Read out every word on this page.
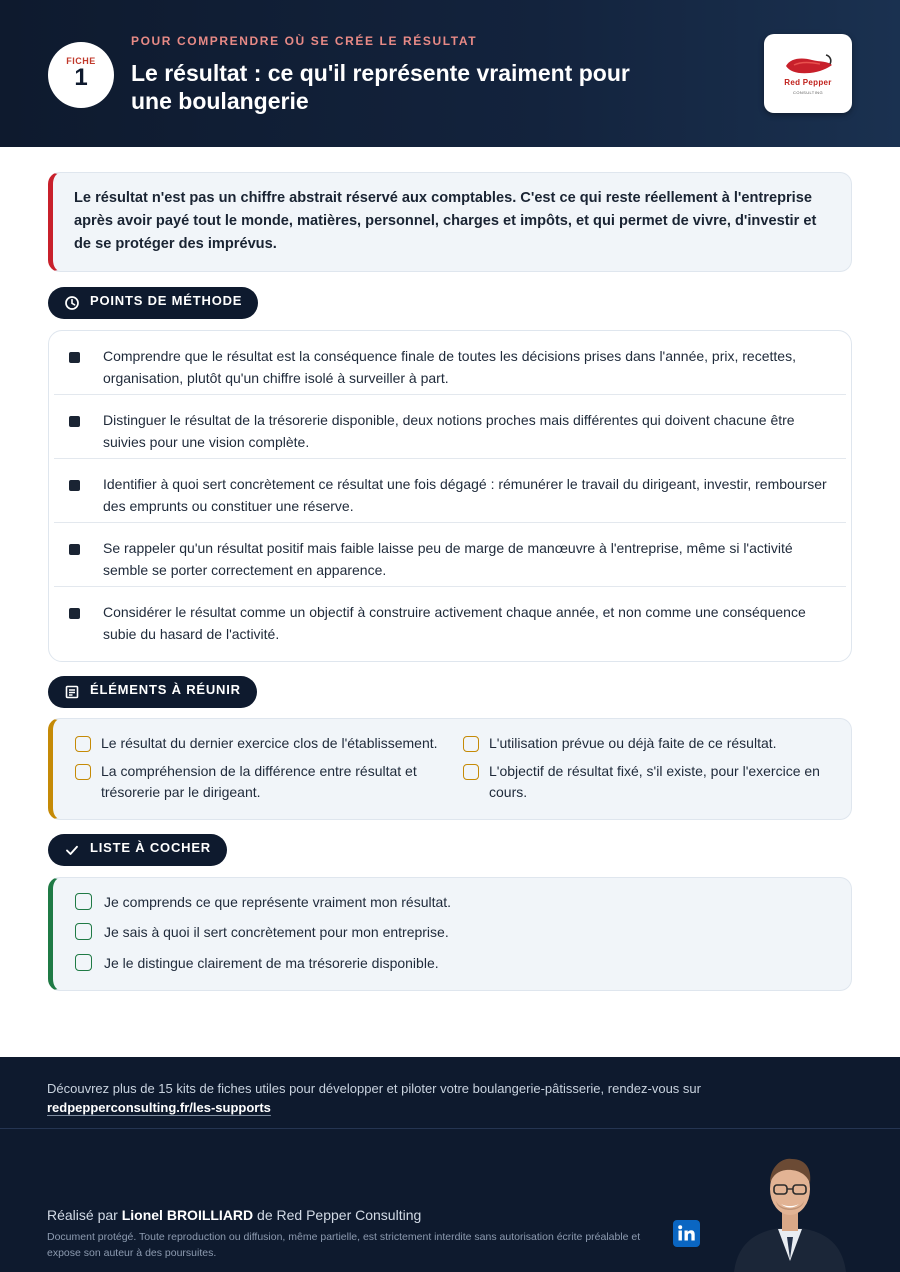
FICHE
1
POUR COMPRENDRE OÙ SE CRÉE LE RÉSULTAT
Le résultat : ce qu'il représente vraiment pour une boulangerie
Red Pepper
CONSULTING

Le résultat n'est pas un chiffre abstrait réservé aux comptables. C'est ce qui reste réellement à l'entreprise après avoir payé tout le monde, matières, personnel, charges et impôts, et qui permet de vivre, d'investir et de se protéger des imprévus.

POINTS DE MÉTHODE
Comprendre que le résultat est la conséquence finale de toutes les décisions prises dans l'année, prix, recettes, organisation, plutôt qu'un chiffre isolé à surveiller à part.
Distinguer le résultat de la trésorerie disponible, deux notions proches mais différentes qui doivent chacune être suivies pour une vision complète.
Identifier à quoi sert concrètement ce résultat une fois dégagé : rémunérer le travail du dirigeant, investir, rembourser des emprunts ou constituer une réserve.
Se rappeler qu'un résultat positif mais faible laisse peu de marge de manœuvre à l'entreprise, même si l'activité semble se porter correctement en apparence.
Considérer le résultat comme un objectif à construire activement chaque année, et non comme une conséquence subie du hasard de l'activité.
ÉLÉMENTS À RÉUNIR
Le résultat du dernier exercice clos de l'établissement.	L'utilisation prévue ou déjà faite de ce résultat.
La compréhension de la différence entre résultat et trésorerie par le dirigeant.
L'objectif de résultat fixé, s'il existe, pour l'exercice en cours.
LISTE À COCHER
Je comprends ce que représente vraiment mon résultat.
Je sais à quoi il sert concrètement pour mon entreprise.
Je le distingue clairement de ma trésorerie disponible.
Découvrez plus de 15 kits de fiches utiles pour développer et piloter votre boulangerie-pâtisserie, rendez-vous sur
redpepperconsulting.fr/les-supports
Réalisé par Lionel BROILLIARD de Red Pepper Consulting
Document protégé. Toute reproduction ou diffusion, même partielle, est strictement interdite sans autorisation écrite préalable et expose son auteur à des poursuites.
